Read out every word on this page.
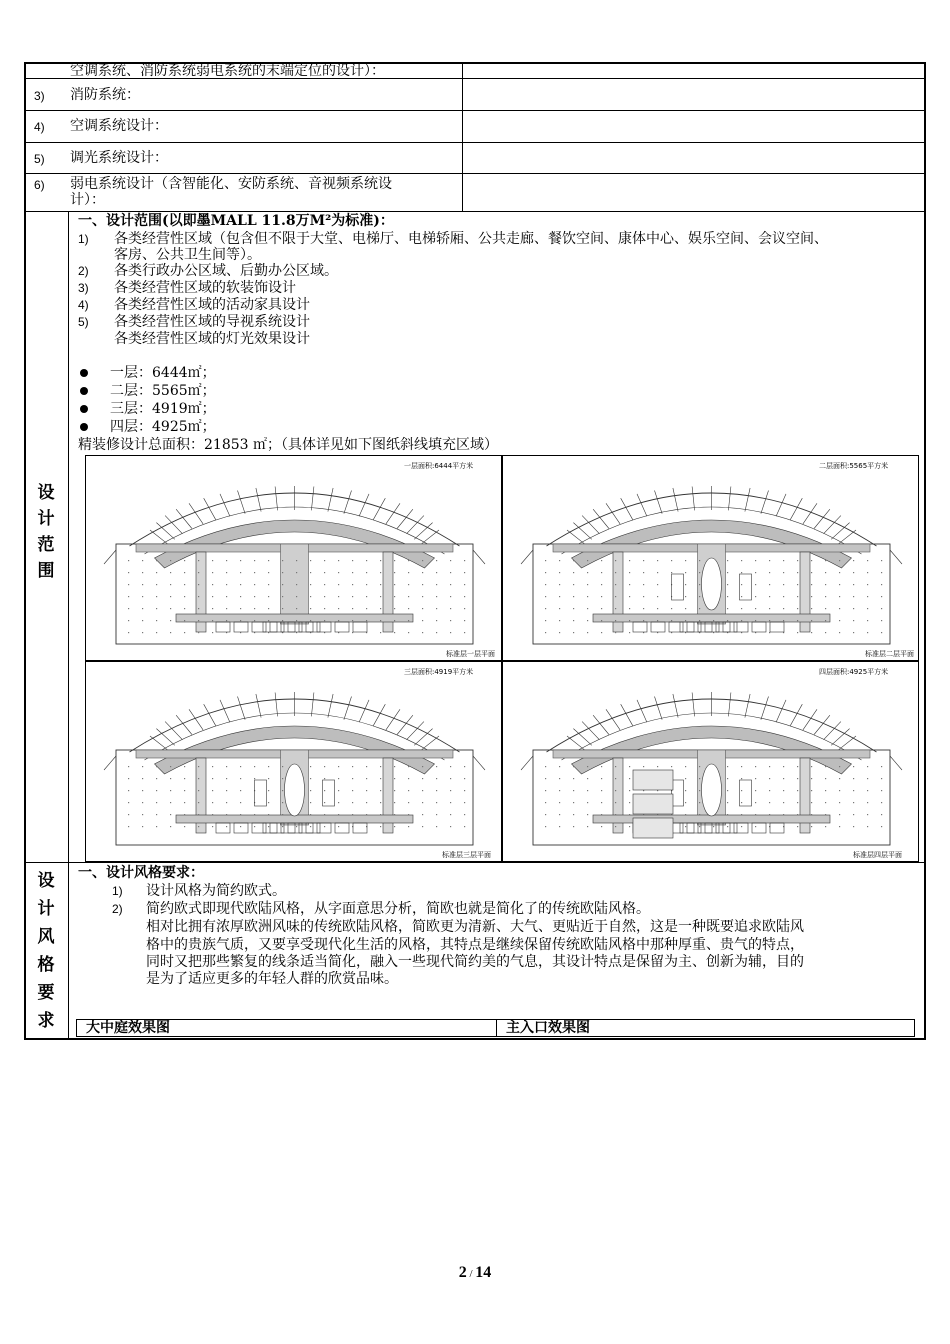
空调系统、消防系统弱电系统的末端定位的设计）：
3) 消防系统：
4) 空调系统设计：
5) 调光系统设计：
6) 弱电系统设计（含智能化、安防系统、音视频系统设
计）：
设
计
范
围
一、设计范围(以即墨MALL 11.8万M²为标准)：
1) 各类经营性区域（包含但不限于大堂、电梯厅、电梯轿厢、公共走廊、餐饮空间、康体中心、娱乐空间、会议空间、
客房、公共卫生间等）。
2) 各类行政办公区域、后勤办公区域。
3) 各类经营性区域的软装饰设计
4) 各类经营性区域的活动家具设计
5) 各类经营性区域的导视系统设计
各类经营性区域的灯光效果设计
一层：6444㎡；
二层：5565㎡；
三层：4919㎡；
四层：4925㎡；
精装修设计总面积：21853 ㎡；（具体详见如下图纸斜线填充区域）
一层面积:6444平方米
标准层一层平面
二层面积:5565平方米
标准层二层平面
三层面积:4919平方米
标准层三层平面
四层面积:4925平方米
标准层四层平面
设
计
风
格
要
求
一、设计风格要求：
1) 设计风格为简约欧式。
2) 简约欧式即现代欧陆风格，从字面意思分析，简欧也就是简化了的传统欧陆风格。
相对比拥有浓厚欧洲风味的传统欧陆风格，简欧更为清新、大气、更贴近于自然，这是一种既要追求欧陆风
格中的贵族气质，又要享受现代化生活的风格，其特点是继续保留传统欧陆风格中那种厚重、贵气的特点，
同时又把那些繁复的线条适当简化，融入一些现代简约美的气息，其设计特点是保留为主、创新为辅，目的
是为了适应更多的年轻人群的欣赏品味。
大中庭效果图	主入口效果图
2 / 14
